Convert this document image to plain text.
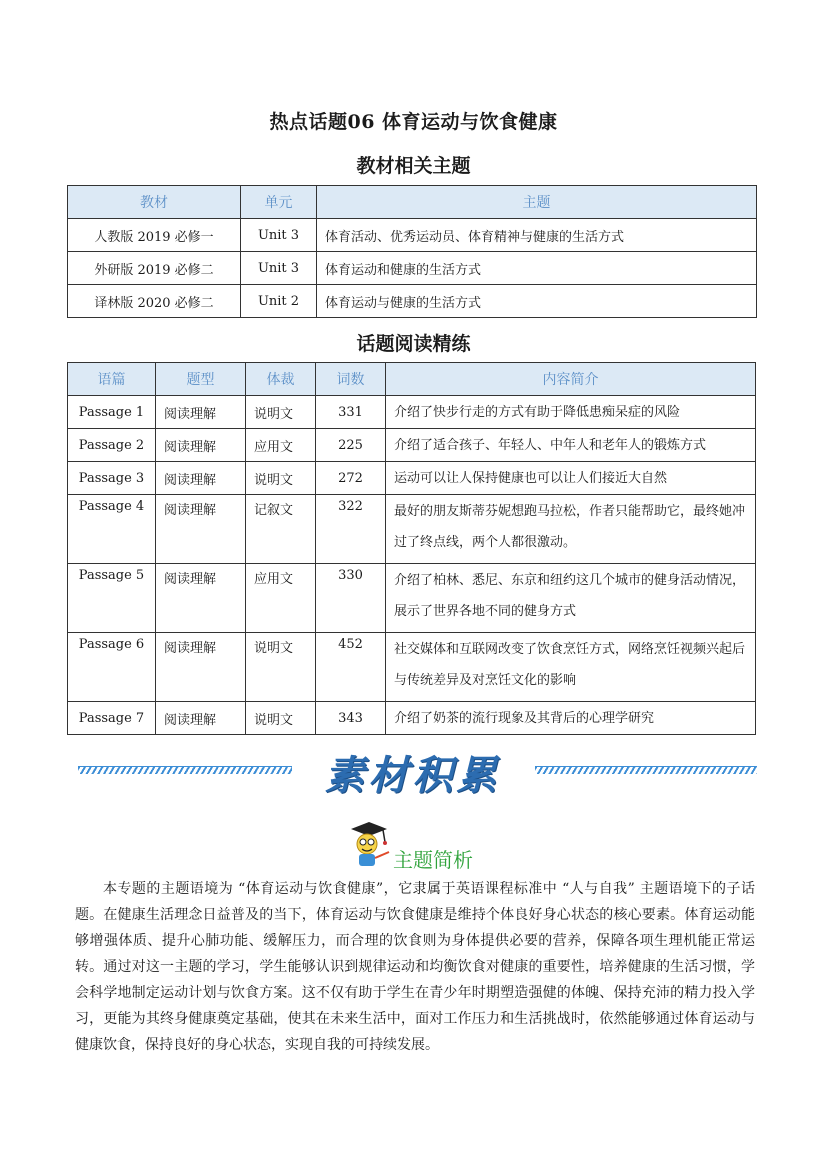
热点话题06 体育运动与饮食健康
教材相关主题
教材	单元	主题
人教版 2019 必修一	Unit 3	体育活动、优秀运动员、体育精神与健康的生活方式
外研版 2019 必修二	Unit 3	体育运动和健康的生活方式
译林版 2020 必修二	Unit 2	体育运动与健康的生活方式
话题阅读精练
语篇	题型	体裁	词数	内容简介
Passage 1	阅读理解	说明文	331	介绍了快步行走的方式有助于降低患痴呆症的风险
Passage 2	阅读理解	应用文	225	介绍了适合孩子、年轻人、中年人和老年人的锻炼方式
Passage 3	阅读理解	说明文	272	运动可以让人保持健康也可以让人们接近大自然
Passage 4	阅读理解	记叙文	322	最好的朋友斯蒂芬妮想跑马拉松，作者只能帮助它，最终她冲过了终点线，两个人都很激动。
Passage 5	阅读理解	应用文	330	介绍了柏林、悉尼、东京和纽约这几个城市的健身活动情况，展示了世界各地不同的健身方式
Passage 6	阅读理解	说明文	452	社交媒体和互联网改变了饮食烹饪方式，网络烹饪视频兴起后与传统差异及对烹饪文化的影响
Passage 7	阅读理解	说明文	343	介绍了奶茶的流行现象及其背后的心理学研究
素材积累
主题简析

本专题的主题语境为 “体育运动与饮食健康”，它隶属于英语课程标准中 “人与自我” 主题语境下的子话题。在健康生活理念日益普及的当下，体育运动与饮食健康是维持个体良好身心状态的核心要素。体育运动能够增强体质、提升心肺功能、缓解压力，而合理的饮食则为身体提供必要的营养，保障各项生理机能正常运转。通过对这一主题的学习，学生能够认识到规律运动和均衡饮食对健康的重要性，培养健康的生活习惯，学会科学地制定运动计划与饮食方案。这不仅有助于学生在青少年时期塑造强健的体魄、保持充沛的精力投入学习，更能为其终身健康奠定基础，使其在未来生活中，面对工作压力和生活挑战时，依然能够通过体育运动与健康饮食，保持良好的身心状态，实现自我的可持续发展。
